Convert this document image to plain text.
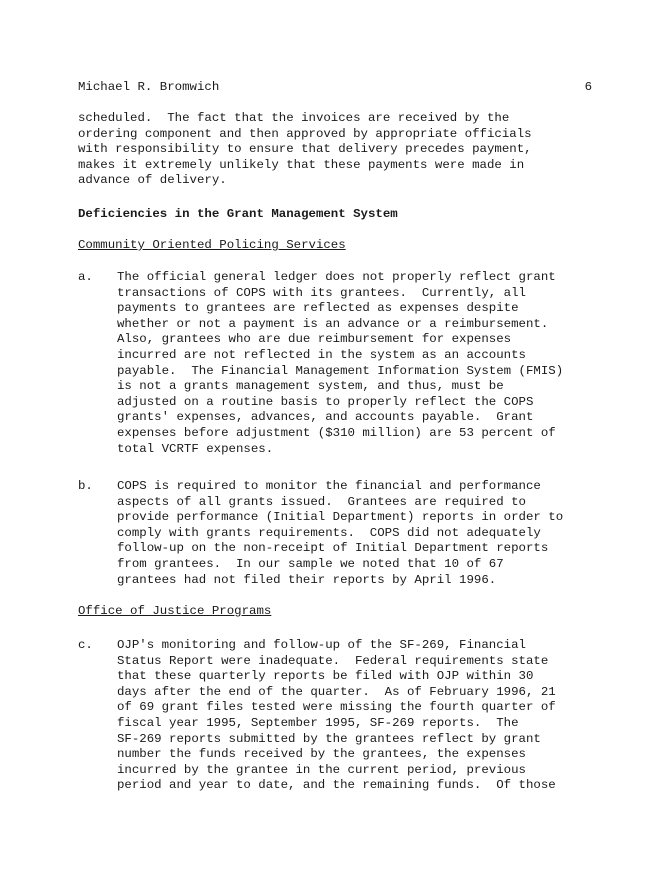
Michael R. Bromwich	6

scheduled.  The fact that the invoices are received by the
ordering component and then approved by appropriate officials
with responsibility to ensure that delivery precedes payment,
makes it extremely unlikely that these payments were made in
advance of delivery.

Deficiencies in the Grant Management System
Community Oriented Policing Services
a. The official general ledger does not properly reflect grant
transactions of COPS with its grantees.  Currently, all
payments to grantees are reflected as expenses despite
whether or not a payment is an advance or a reimbursement.
Also, grantees who are due reimbursement for expenses
incurred are not reflected in the system as an accounts
payable.  The Financial Management Information System (FMIS)
is not a grants management system, and thus, must be
adjusted on a routine basis to properly reflect the COPS
grants' expenses, advances, and accounts payable.  Grant
expenses before adjustment ($310 million) are 53 percent of
total VCRTF expenses.

b. COPS is required to monitor the financial and performance
aspects of all grants issued.  Grantees are required to
provide performance (Initial Department) reports in order to
comply with grants requirements.  COPS did not adequately
follow-up on the non-receipt of Initial Department reports
from grantees.  In our sample we noted that 10 of 67
grantees had not filed their reports by April 1996.

Office of Justice Programs
c. OJP's monitoring and follow-up of the SF-269, Financial
Status Report were inadequate.  Federal requirements state
that these quarterly reports be filed with OJP within 30
days after the end of the quarter.  As of February 1996, 21
of 69 grant files tested were missing the fourth quarter of
fiscal year 1995, September 1995, SF-269 reports.  The
SF-269 reports submitted by the grantees reflect by grant
number the funds received by the grantees, the expenses
incurred by the grantee in the current period, previous
period and year to date, and the remaining funds.  Of those
